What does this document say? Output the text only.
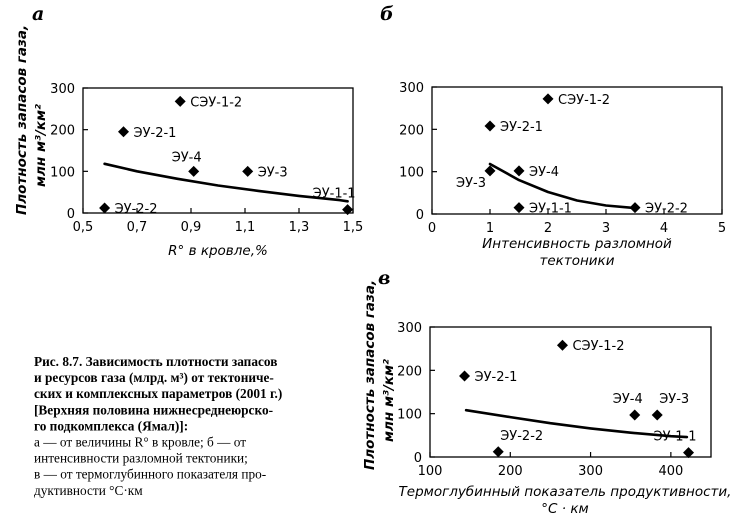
а	б
в
Плотность запасов газа, млн м³/км²
Плотность запасов газа, млн м³/км²
0,5	0,7	0,9	1,1	1,3	1,5
0
100
200
300
СЭУ-1-2
ЭУ-2-1
ЭУ-4
ЭУ-3
ЭУ-2-2
ЭУ-1-1
R° в кровле,%
0	1	2	3	4	5
0
100
200
300
СЭУ-1-2
ЭУ-2-1
ЭУ-4
ЭУ-3
ЭУ-1-1	ЭУ-2-2
Интенсивность разломной
тектоники
100	200	300	400
0
100
200
300
СЭУ-1-2
ЭУ-2-1
ЭУ-4 ЭУ-3
ЭУ-2-2	ЭУ-1-1
Термоглубинный показатель продуктивности,
°С · км
Рис. 8.7. Зависимость плотности запасов
и ресурсов газа (млрд. м³) от тектониче-
ских и комплексных параметров (2001 г.)
[Верхняя половина нижнесреднеюрско-
го подкомплекса (Ямал)]:
а — от величины R° в кровле; б — от
интенсивности разломной тектоники;
в — от термоглубинного показателя про-
дуктивности °С·км
